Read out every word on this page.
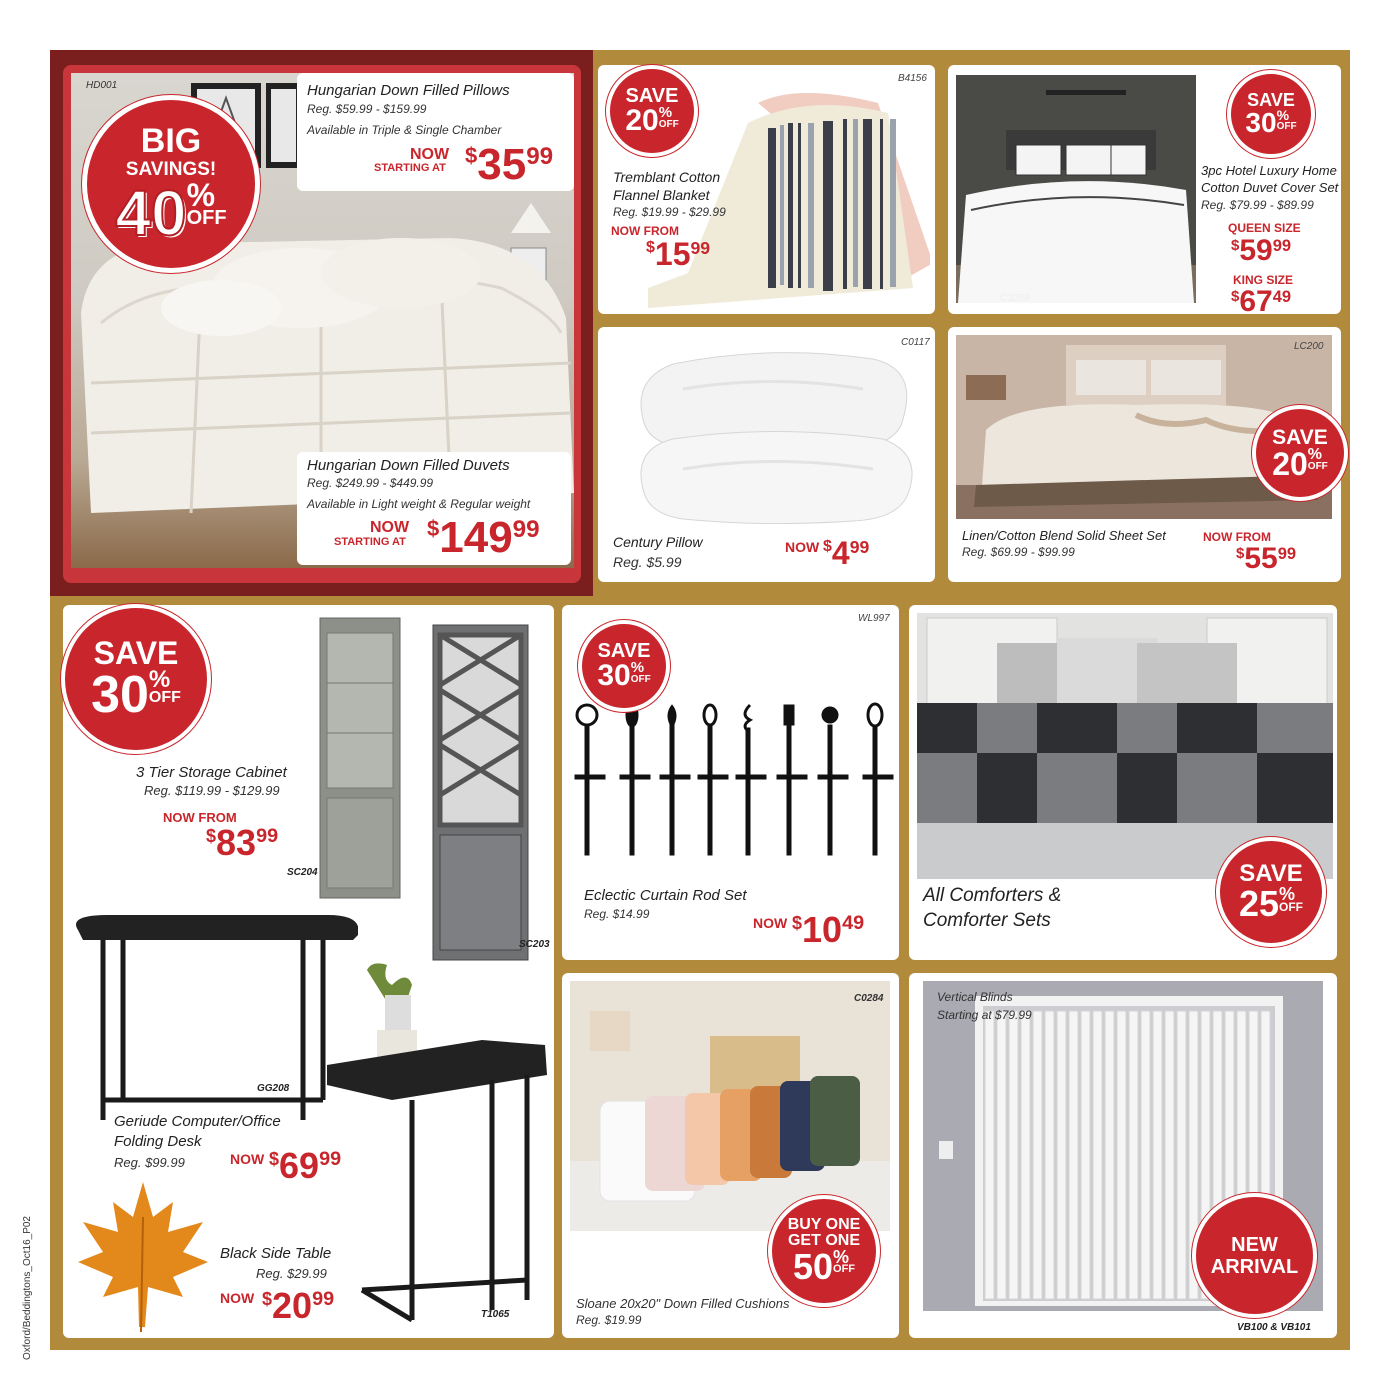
HD001
BIG
SAVINGS!
40 %
OFF
Hungarian Down Filled Pillows
Reg. $59.99 - $159.99
Available in Triple & Single Chamber
NOW
STARTING AT $^{\$}35^{99}$
Hungarian Down Filled Duvets
Reg. $249.99 - $449.99
Available in Light weight & Regular weight
NOW
STARTING AT
$^{\$}149^{99}$
B4156
Tremblant Cotton
Flannel Blanket
Reg. $19.99 - $29.99
NOW FROM
$^{\$}15^{99}$
SAVE
20 %
OFF
C3259
3pc Hotel Luxury Home
Cotton Duvet Cover Set
Reg. $79.99 - $89.99
QUEEN SIZE
$^{\$}59^{99}$
KING SIZE
$^{\$}67^{49}$
SAVE
30 %
OFF
C0117
Century Pillow
Reg. $5.99
NOW $^{\$}4^{99}$
LC200
Linen/Cotton Blend Solid Sheet Set
Reg. $69.99 - $99.99
NOW FROM
$^{\$}55^{99}$
SAVE
20 %
OFF
SC204
SC203
3 Tier Storage Cabinet
Reg. $119.99 - $129.99
NOW FROM
$^{\$}83^{99}$
GG208
Geriude Computer/Office
Folding Desk
Reg. $99.99	NOW $^{\$}69^{99}$
T1065
Black Side Table
Reg. $29.99
NOW $^{\$}20^{99}$
SAVE
30 %
OFF
WL997
Eclectic Curtain Rod Set
Reg. $14.99
NOW $^{\$}10^{49}$
SAVE
30 %
OFF
All Comforters &
Comforter Sets
SAVE
25 %
OFF
C0284
Sloane 20x20" Down Filled Cushions
Reg. $19.99
BUY ONE
GET ONE
50 %
OFF
Vertical Blinds
Starting at $79.99
VB100 & VB101
NEW
ARRIVAL
Oxford/Beddingtons_Oct16_P02
